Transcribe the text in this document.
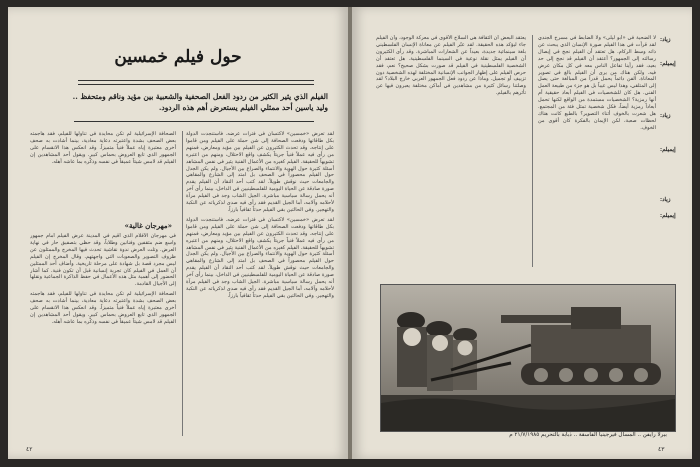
حول فيلم خمسين
الفيلم الذي يثير الكثير من ردود الفعل الصحفية والشعبية بين مؤيد وناقم ومتحفظ .. وليد ياسين أحد ممثلي الفيلم يستعرض أهم هذه الردود.

لقد تعرض «خمسين» لاكتسان في فترات عرضه. فاستنجدت الدولة بكل طاقاتها ودفعت الصحافة إلى شن حملة على الفيلم ومن قاموا على إنتاجه. وقد تحدث الكثيرون عن الفيلم بين مؤيد ومعارض، فمنهم من رأى فيه عملاً فنياً جريئاً يكشف واقع الاحتلال، ومنهم من اعتبره تشويهاً للحقيقة. الفيلم كغيره من الأعمال الفنية يثير في نفس المشاهد أسئلة كثيرة حول الهوية والانتماء والصراع بين الأجيال. ولم يكن الجدل حول الفيلم محصوراً في الصحف بل امتد إلى الشارع والمقاهي والجامعات حيث نوقش طويلاً. لقد كتب أحد النقاد أن الفيلم يقدم صورة صادقة عن الحياة اليومية للفلسطينيين في الداخل، بينما رأى آخر أنه يحمل رسالة سياسية مباشرة. الجيل الشاب وجد في الفيلم مرآة لأحلامه وآلامه، أما الجيل القديم فقد رأى فيه صدى لذكرياته عن النكبة والتهجير. وفي الحالتين بقي الفيلم حدثاً ثقافياً بارزاً.

لقد تعرض «خمسين» لاكتسان في فترات عرضه. فاستنجدت الدولة بكل طاقاتها ودفعت الصحافة إلى شن حملة على الفيلم ومن قاموا على إنتاجه. وقد تحدث الكثيرون عن الفيلم بين مؤيد ومعارض، فمنهم من رأى فيه عملاً فنياً جريئاً يكشف واقع الاحتلال، ومنهم من اعتبره تشويهاً للحقيقة. الفيلم كغيره من الأعمال الفنية يثير في نفس المشاهد أسئلة كثيرة حول الهوية والانتماء والصراع بين الأجيال. ولم يكن الجدل حول الفيلم محصوراً في الصحف بل امتد إلى الشارع والمقاهي والجامعات حيث نوقش طويلاً. لقد كتب أحد النقاد أن الفيلم يقدم صورة صادقة عن الحياة اليومية للفلسطينيين في الداخل، بينما رأى آخر أنه يحمل رسالة سياسية مباشرة. الجيل الشاب وجد في الفيلم مرآة لأحلامه وآلامه، أما الجيل القديم فقد رأى فيه صدى لذكرياته عن النكبة والتهجير. وفي الحالتين بقي الفيلم حدثاً ثقافياً بارزاً.

الصحافة الإسرائيلية لم تكن محايدة في تناولها للفيلم، فقد هاجمته بعض الصحف بشدة واعتبرته دعاية معادية، بينما أشادت به صحف أخرى معتبرة إياه عملاً فنياً متميزاً. وقد انعكس هذا الانقسام على الجمهور الذي تابع العروض بحماس كبير. ويقول أحد المشاهدين إن الفيلم قد لامس شيئاً عميقاً في نفسه وذكّره بما عاشه أهله.

«مهرجان غالية»

في مهرجان الأفلام الذي أقيم في المدينة عرض الفيلم أمام جمهور واسع ضم مثقفين وفنانين وطلاباً، وقد حظي بتصفيق حار في نهاية العرض. وتلت العرض ندوة نقاشية تحدث فيها المخرج والممثلون عن ظروف التصوير والصعوبات التي واجهتهم. وقال المخرج إن الفيلم ليس مجرد قصة بل شهادة على مرحلة تاريخية. وأضاف أحد الممثلين أن العمل في الفيلم كان تجربة إنسانية قبل أن تكون فنية. كما أشار الحضور إلى أهمية مثل هذه الأعمال في حفظ الذاكرة الجماعية ونقلها إلى الأجيال القادمة.

الصحافة الإسرائيلية لم تكن محايدة في تناولها للفيلم، فقد هاجمته بعض الصحف بشدة واعتبرته دعاية معادية، بينما أشادت به صحف أخرى معتبرة إياه عملاً فنياً متميزاً. وقد انعكس هذا الانقسام على الجمهور الذي تابع العروض بحماس كبير. ويقول أحد المشاهدين إن الفيلم قد لامس شيئاً عميقاً في نفسه وذكّره بما عاشه أهله.

٤٢

لا الضحية في «أبو ليلى» ولا الضابط في مسرح الجندي لقد قرأت في هذا الفيلم صورة الإنسان الذي يبحث عن ذاته وسط الركام. هل تعتقد أن الفيلم نجح في إيصال رسالته إلى الجمهور؟ أعتقد أن الفيلم قد نجح إلى حد بعيد، فقد رأينا تفاعل الناس معه في كل مكان عرض فيه. ولكن هناك من يرى أن الفيلم بالغ في تصوير المعاناة. الفن دائماً يحمل قدراً من المبالغة حتى يصل إلى المتلقي، وهذا ليس عيباً بل هو جزء من طبيعة العمل الفني. هل كان للشخصيات في الفيلم أبعاد حقيقية أم أنها رمزية؟ الشخصيات مستمدة من الواقع لكنها تحمل أبعاداً رمزية أيضاً، فكل شخصية تمثل فئة من المجتمع. هل شعرت بالخوف أثناء التصوير؟ بالطبع كانت هناك لحظات صعبة، لكن الإيمان بالفكرة كان أقوى من الخوف.

زياد:
إيميلم:
زياد:
إيميلم:
زياد:
إيميلم:

يعتقد البعض أن الثقافة هي السلاح الأقوى في معركة الوجود، وأن الفيلم جاء ليؤكد هذه الحقيقة. لقد عبّر الفيلم عن معاناة الإنسان الفلسطيني بلغة سينمائية جديدة، بعيداً عن الشعارات المباشرة. وقد رأى الكثيرون أن الفيلم يمثل نقلة نوعية في السينما الفلسطينية. هل تعتقد أن الشخصية الفلسطينية في الفيلم قد صورت بشكل صحيح؟ نعم، فقد حرص الفيلم على إظهار الجوانب الإنسانية المختلفة لهذه الشخصية دون تزييف أو تجميل. وماذا عن ردود فعل الجمهور العربي خارج البلاد؟ لقد وصلتنا رسائل كثيرة من مشاهدين في أماكن مختلفة يعبرون فيها عن تأثرهم بالفيلم.

بيرلا رايفن .. المسال فيرجينيا الفاسقة .. ذبابة بالتحريم ٢١/٧/١٩٨٥ م
٤٣
